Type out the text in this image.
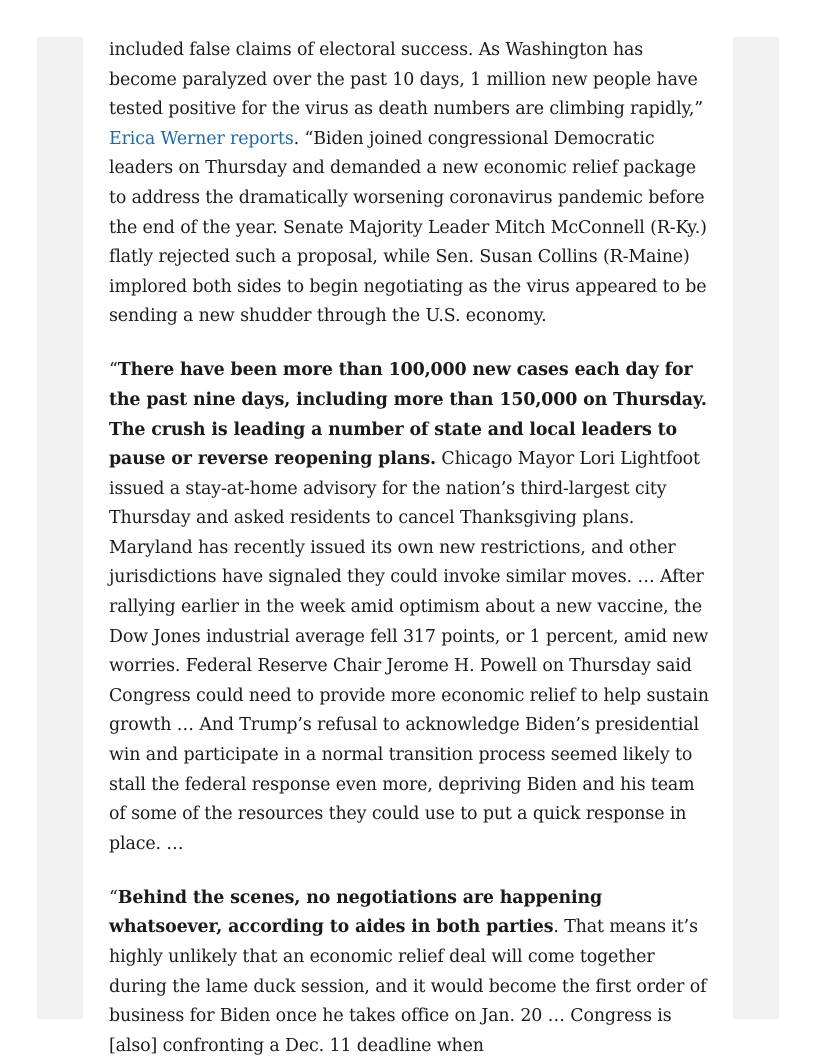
included false claims of electoral success. As Washington has become paralyzed over the past 10 days, 1 million new people have tested positive for the virus as death numbers are climbing rapidly,” Erica Werner reports. “Biden joined congressional Democratic leaders on Thursday and demanded a new economic relief package to address the dramatically worsening coronavirus pandemic before the end of the year. Senate Majority Leader Mitch McConnell (R-Ky.) flatly rejected such a proposal, while Sen. Susan Collins (R-Maine) implored both sides to begin negotiating as the virus appeared to be sending a new shudder through the U.S. economy.

“There have been more than 100,000 new cases each day for the past nine days, including more than 150,000 on Thursday. The crush is leading a number of state and local leaders to pause or reverse reopening plans. Chicago Mayor Lori Lightfoot issued a stay-at-home advisory for the nation’s third-largest city Thursday and asked residents to cancel Thanksgiving plans. Maryland has recently issued its own new restrictions, and other jurisdictions have signaled they could invoke similar moves. … After rallying earlier in the week amid optimism about a new vaccine, the Dow Jones industrial average fell 317 points, or 1 percent, amid new worries. Federal Reserve Chair Jerome H. Powell on Thursday said Congress could need to provide more economic relief to help sustain growth … And Trump’s refusal to acknowledge Biden’s presidential win and participate in a normal transition process seemed likely to stall the federal response even more, depriving Biden and his team of some of the resources they could use to put a quick response in place. …

“Behind the scenes, no negotiations are happening whatsoever, according to aides in both parties. That means it’s highly unlikely that an economic relief deal will come together during the lame duck session, and it would become the first order of business for Biden once he takes office on Jan. 20 … Congress is [also] confronting a Dec. 11 deadline when
